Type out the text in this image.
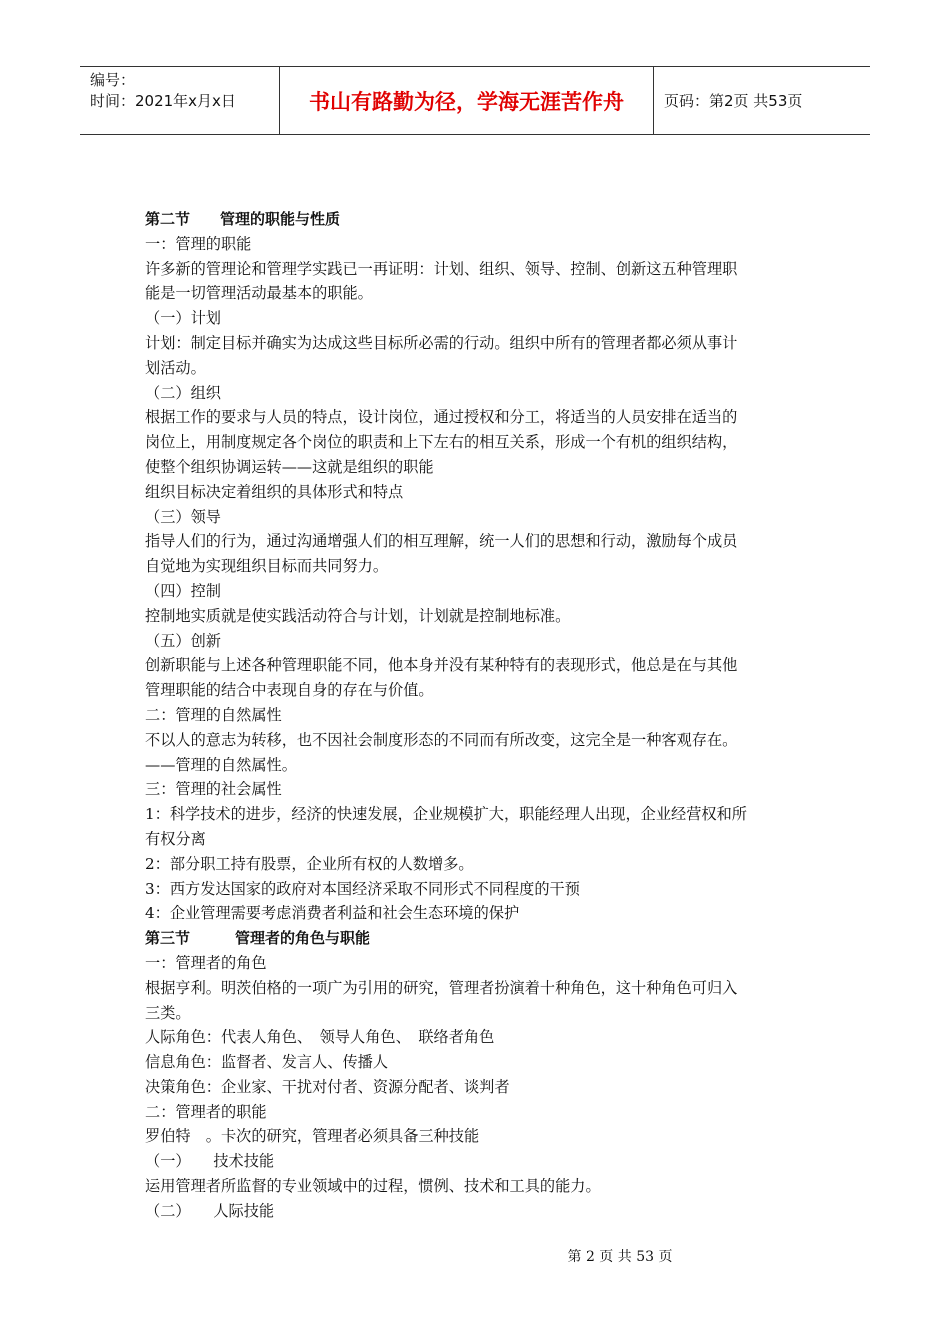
编号：
时间：2021年x月x日	书山有路勤为径，学海无涯苦作舟	页码：第2页 共53页
第二节　　管理的职能与性质
一：管理的职能
许多新的管理论和管理学实践已一再证明：计划、组织、领导、控制、创新这五种管理职
能是一切管理活动最基本的职能。
（一）计划
计划：制定目标并确实为达成这些目标所必需的行动。组织中所有的管理者都必须从事计
划活动。
（二）组织
根据工作的要求与人员的特点，设计岗位，通过授权和分工，将适当的人员安排在适当的
岗位上，用制度规定各个岗位的职责和上下左右的相互关系，形成一个有机的组织结构，
使整个组织协调运转——这就是组织的职能
组织目标决定着组织的具体形式和特点
（三）领导
指导人们的行为，通过沟通增强人们的相互理解，统一人们的思想和行动，激励每个成员
自觉地为实现组织目标而共同努力。
（四）控制
控制地实质就是使实践活动符合与计划，计划就是控制地标准。
（五）创新
创新职能与上述各种管理职能不同，他本身并没有某种特有的表现形式，他总是在与其他
管理职能的结合中表现自身的存在与价值。
二：管理的自然属性
不以人的意志为转移，也不因社会制度形态的不同而有所改变，这完全是一种客观存在。
——管理的自然属性。
三：管理的社会属性
1：科学技术的进步，经济的快速发展，企业规模扩大，职能经理人出现，企业经营权和所
有权分离
2：部分职工持有股票，企业所有权的人数增多。
3：西方发达国家的政府对本国经济采取不同形式不同程度的干预
4：企业管理需要考虑消费者利益和社会生态环境的保护
第三节　　　管理者的角色与职能
一：管理者的角色
根据亨利。明茨伯格的一项广为引用的研究，管理者扮演着十种角色，这十种角色可归入
三类。
人际角色：代表人角色、　领导人角色、　联络者角色
信息角色：监督者、发言人、传播人
决策角色：企业家、干扰对付者、资源分配者、谈判者
二：管理者的职能
罗伯特　。卡次的研究，管理者必须具备三种技能
（一）　　技术技能
运用管理者所监督的专业领域中的过程，惯例、技术和工具的能力。
（二）　　人际技能
第 2 页 共 53 页
